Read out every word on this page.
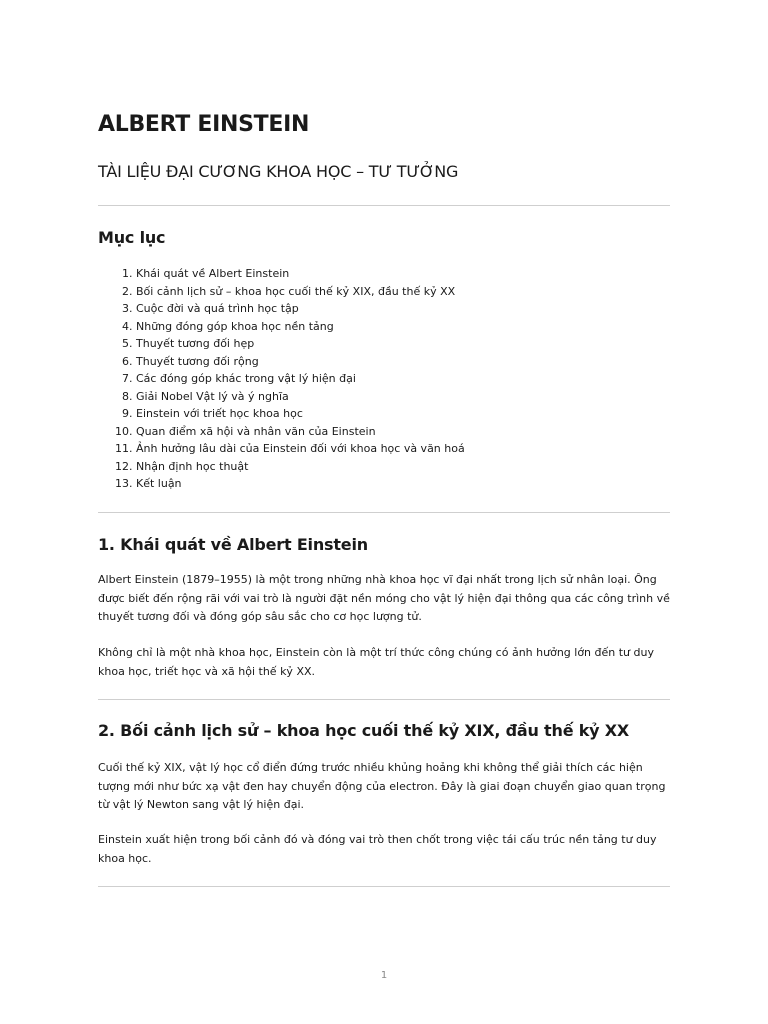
ALBERT EINSTEIN
TÀI LIỆU ĐẠI CƯƠNG KHOA HỌC – TƯ TƯỞNG
Mục lục
1. Khái quát về Albert Einstein
2. Bối cảnh lịch sử – khoa học cuối thế kỷ XIX, đầu thế kỷ XX
3. Cuộc đời và quá trình học tập
4. Những đóng góp khoa học nền tảng
5. Thuyết tương đối hẹp
6. Thuyết tương đối rộng
7. Các đóng góp khác trong vật lý hiện đại
8. Giải Nobel Vật lý và ý nghĩa
9. Einstein với triết học khoa học
10. Quan điểm xã hội và nhân văn của Einstein
11. Ảnh hưởng lâu dài của Einstein đối với khoa học và văn hoá
12. Nhận định học thuật
13. Kết luận
1. Khái quát về Albert Einstein

Albert Einstein (1879–1955) là một trong những nhà khoa học vĩ đại nhất trong lịch sử nhân loại. Ông được biết đến rộng rãi với vai trò là người đặt nền móng cho vật lý hiện đại thông qua các công trình về thuyết tương đối và đóng góp sâu sắc cho cơ học lượng tử.

Không chỉ là một nhà khoa học, Einstein còn là một trí thức công chúng có ảnh hưởng lớn đến tư duy khoa học, triết học và xã hội thế kỷ XX.

2. Bối cảnh lịch sử – khoa học cuối thế kỷ XIX, đầu thế kỷ XX

Cuối thế kỷ XIX, vật lý học cổ điển đứng trước nhiều khủng hoảng khi không thể giải thích các hiện tượng mới như bức xạ vật đen hay chuyển động của electron. Đây là giai đoạn chuyển giao quan trọng từ vật lý Newton sang vật lý hiện đại.

Einstein xuất hiện trong bối cảnh đó và đóng vai trò then chốt trong việc tái cấu trúc nền tảng tư duy khoa học.

1
